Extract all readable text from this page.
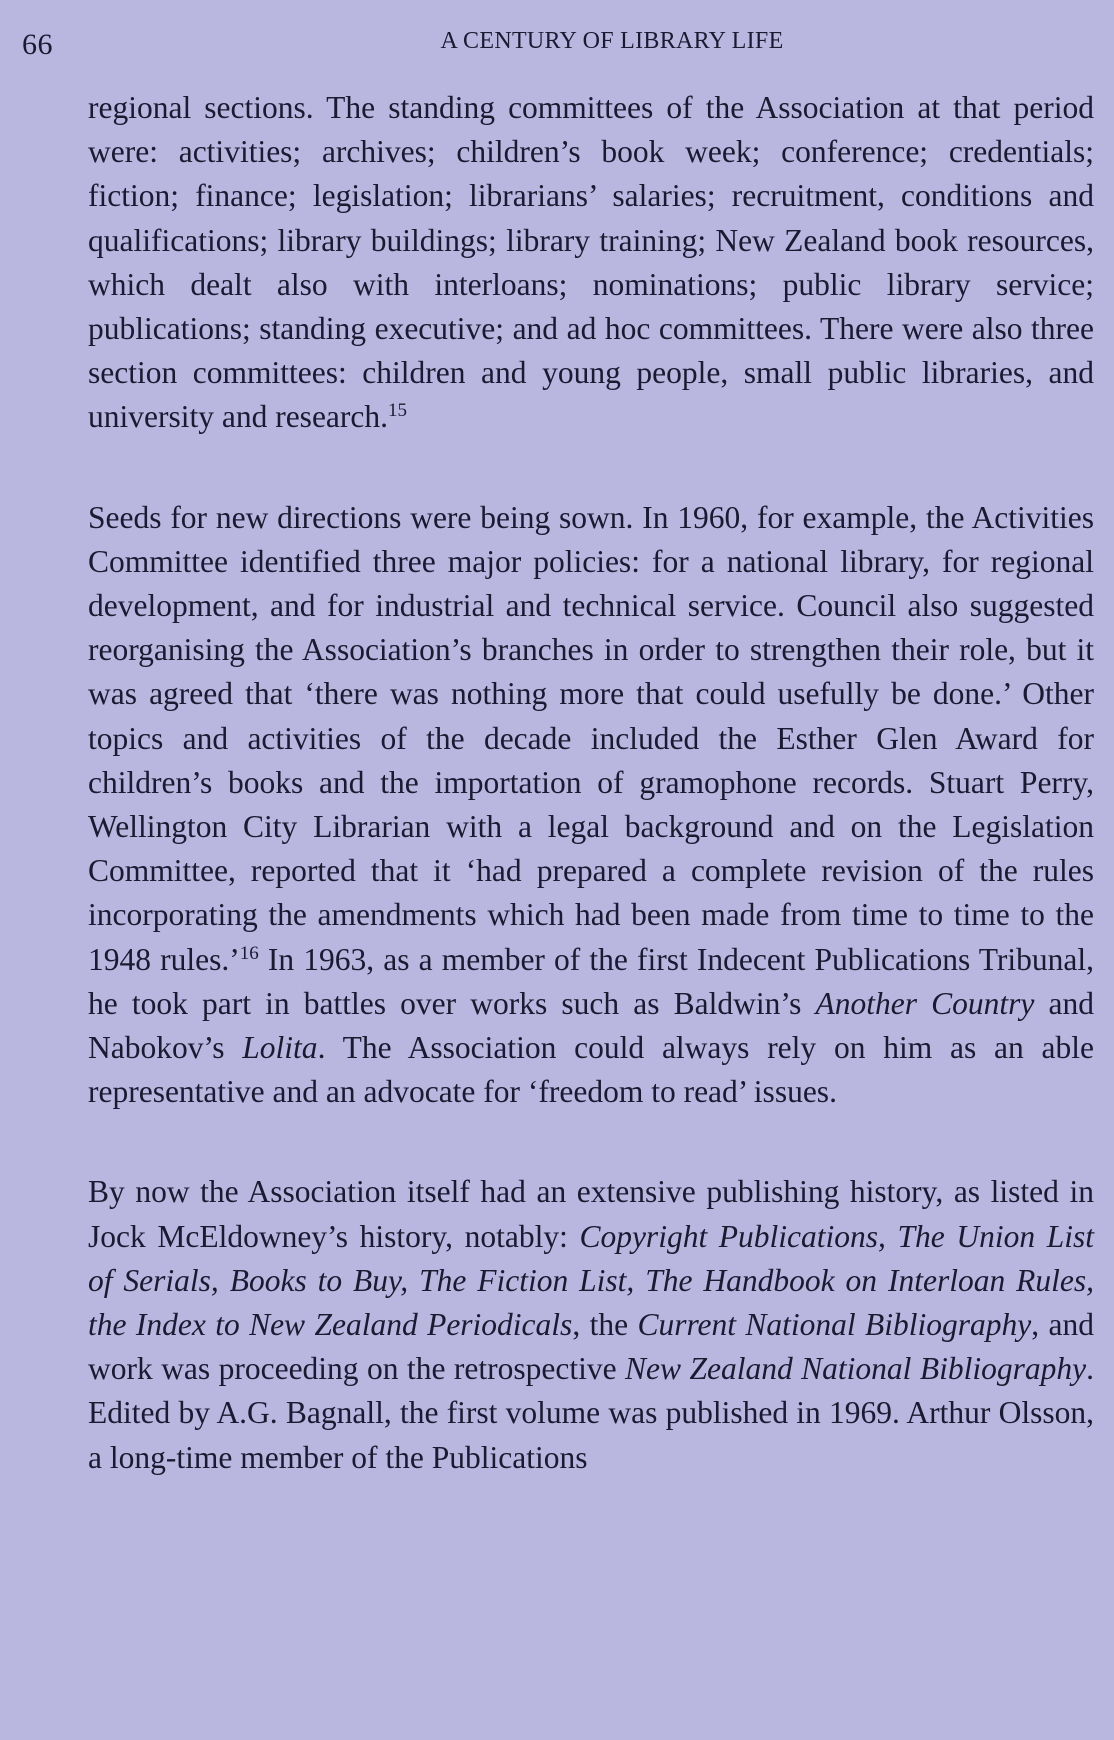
66	A CENTURY OF LIBRARY LIFE

regional sections. The standing committees of the Association at that period were: activities; archives; children’s book week; conference; credentials; fiction; finance; legislation; librarians’ salaries; recruitment, conditions and qualifications; library buildings; library training; New Zealand book resources, which dealt also with interloans; nominations; public library service; publications; standing executive; and ad hoc committees. There were also three section committees: children and young people, small public libraries, and university and research.$^{15}$

Seeds for new directions were being sown. In 1960, for example, the Activities Committee identified three major policies: for a national library, for regional development, and for industrial and technical service. Council also suggested reorganising the Association’s branches in order to strengthen their role, but it was agreed that ‘there was nothing more that could usefully be done.’ Other topics and activities of the decade included the Esther Glen Award for children’s books and the importation of gramophone records. Stuart Perry, Wellington City Librarian with a legal background and on the Legislation Committee, reported that it ‘had prepared a complete revision of the rules incorporating the amendments which had been made from time to time to the 1948 rules.’$^{16}$ In 1963, as a member of the first Indecent Publications Tribunal, he took part in battles over works such as Baldwin’s Another Country and Nabokov’s Lolita. The Association could always rely on him as an able representative and an advocate for ‘freedom to read’ issues.

By now the Association itself had an extensive publishing history, as listed in Jock McEldowney’s history, notably: Copyright Publications, The Union List of Serials, Books to Buy, The Fiction List, The Handbook on Interloan Rules, the Index to New Zealand Periodicals, the Current National Bibliography, and work was proceeding on the retrospective New Zealand National Bibliography. Edited by A.G. Bagnall, the first volume was published in 1969. Arthur Olsson, a long-time member of the Publications
